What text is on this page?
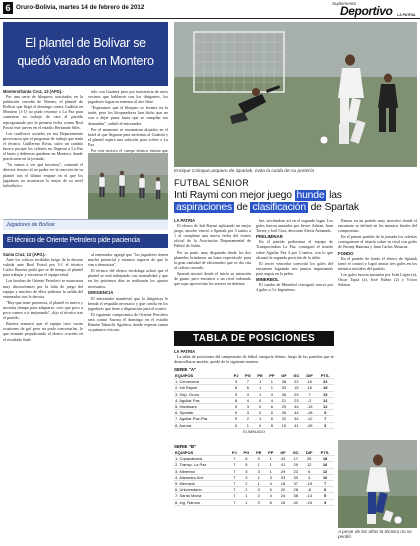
6 Oruro-Bolivia, martes 14 de febrero de 2012
Suplemento
Deportivo LA PATRIA
El plantel de Bolívar se
quedó varado en Montero
Montero/Santa Cruz, 13 (APG).-

Por una serie de bloqueos suscitados en la población cruceña de Warnes, el plantel de Bolívar que llegó el domingo contra Guabirá en Montero (1-1) no pudo retornar a La Paz para comenzar su trabajo de cara al partido reprogramado por la primera fecha contra Real Potosí este jueves en el estadio Hernando Siles.

Los conflictos sociales en esa Departamento provocaron que el programa de trabajo que tenía el técnico, Guillermo Rivas, sufra un cambio brusco porque los celestes no llegaron a La Paz el lunes y debieron quedarse en Montero, donde practicaron en la jornada.

"Ya vamos a ver qué hacemos", comentó el director técnico al no poder ver la reacción de su plantel tras el último empate en el que los jugadores no mostraron lo mejor de su nivel futbolístico.

tido con Guabirá pero por insistencia de unos vecinos que hablaron con los dirigentes, los jugadores lograron entrenar al aire libre.

"Esperamos que el bloqueo se levante en la tarde, pero los bloqueadores han dicho que no van a dejar pasar hasta que se cumplan sus demandas", señaló el entrenador.

Por el momento se encuentran alojados en el hotel al que llegaron para enfrentar al Guabirá y el plantel espera una solución para volver a La Paz.

Por este motivo el cuerpo técnico estima que

Jugadores de Bolívar
El técnico de Oriente Petrolero pide paciencia
Santa Cruz, 13 (APG).-

Ante los críticas recibidas luego de la derrota sufrida ante Real Potosí por 3-1 el técnico Carlos Barrera pidió que se dé tiempo al plantel para trabajar y encontrar el equipo ideal.

Los hinchas de Oriente Petrolero se mostraron muy disconformes por la falta de juego del equipo y muchos de ellos pidieron la salida del entrenador tras la derrota.

"Hay que tener paciencia, el plantel es nuevo y necesita tiempo para adaptarse, creo que poco a poco vamos a ir mejorando", dijo el técnico tras el partido.

Barrera remarcó que el equipo tuvo varias ocasiones de gol pero no pudo concretarlas, lo que terminó perjudicando al elenco cruceño en el resultado final.

al entrenador agregó que "los jugadores tienen mucho potencial y estamos seguros de que lo van a demostrar".

El técnico del elenco verdolaga aclaró que el plantel se está trabajando con normalidad y que en los próximos días se realizarán los ajustes necesarios.

DIRIGENCIA

El entrenador manifestó que la dirigencia le brinda el respaldo necesario y que confía en los jugadores que tiene a disposición para el torneo.

El siguiente compromiso de Oriente Petrolero será contra Aurora el domingo en el estadio Ramón Tahuichi Aguilera, donde esperan sumar su primera victoria.

Enrique Coloque,arquero de Spartak, evita la caída de su portería
FUTBAL SÉNIOR
Inti Raymi con mejor juego hunde las
aspiraciones de clasificación de Spartak
LA PATRIA

El elenco de Inti Raymi aplicando un mejor juego, anoche venció a Spartak por 3 tantos a 1 al completar una nueva fecha del torneo oficial de la Asociación Departamental de Fútbol de Salón.

Por su parte, muy disputado desde los dos planteles brindaron un buen espectáculo para la gran cantidad de aficionados que se dio cita al coliseo cerrado.

Spartak mostró desde el inicio su intención de ganar, pero encontró a un rival ordenado que supo aprovechar los errores en defensa.

bre, terciándose así en el segundo lugar. Los goles fueron anotados por Javier Adrian, Juan Torrez y Joel Cruz, descontó Alexis Armando.

PRELIMINAR

En el partido preliminar el equipo de Transportadora La Paz, consiguió el triunfo sobre Aguilar Paz 4 por 3 tantos, con lo que alcanzó la segunda posición de la tabla.

El tercer vencedor convirtió los goles del encuentro logrando tres puntos importantes para seguir en la pelea.

MINERBOL

El cuadro de Minerbol consiguió vencer por 4 goles a 3 a Ingenieros.

Ramos en un partido muy atractivo donde el encuentro se definió en los minutos finales del compromiso.

En el primer partido de la jornada los celestes consiguieron el triunfo sobre su rival con goles de Jhonny Bautista y Juan Carlos Almaraz.

FONDO

En el partido de fondo el elenco de Spartak tomó el control y logró anotar tres goles en los minutos iniciales del partido.

Los goles fueron anotados por Iván López (a), Oscar Tapia (a), José Núñez (2) y Víctor Salazar.

TABLA DE POSICIONES
LA PATRIA

La tabla de posiciones del campeonato de fútbol categoría Sénior, luego de los partidos que se desarrollaron anoche, quedó de la siguiente manera.

SERIE "A"
EQUIPOS	PJ	PG	PE	PP	GF	GC	DIF	PTS.
1. Cerveceria	9	7	1	1	38	22	16	22
2. Inti Raymi	8	6	1	1	33	15	18	19
3. Dep. Oruro	9	4	1	4	36	29	7	13
4. Aguilar Paz	8	4	0	4	21	23	-2	12
5. Hardware	9	3	0	6	29	44	-15	12
6. Spartak	9	3	0	6	26	44	-18	9
7. Aguilar Paz-Pta.	9	2	1	6	22	34	-12	7
8. Aurora	9	1	0	8	15	41	-26	3
ELIMINADO
SERIE "B"
EQUIPOS	PJ	PG	PE	PP	GF	GC	DIF	PTS.
1. Copacabana	7	6	0	1	43	17	26	18
2. Transp. La Paz	7	5	1	1	41	29	12	16
3. Minerbol	7	3	3	1	29	23	6	12
4. Alizandro Ant.	7	3	1	3	33	30	3	10
5. Mercado	7	2	1	4	18	37	-19	7
6. Universitario	7	2	0	5	20	28	-8	6
7. Santa María	7	1	2	4	24	38	-14	5
8. Ing. Ramos	7	1	0	6	16	40	-24	3
A pesar de los años la técnica no se perdió
